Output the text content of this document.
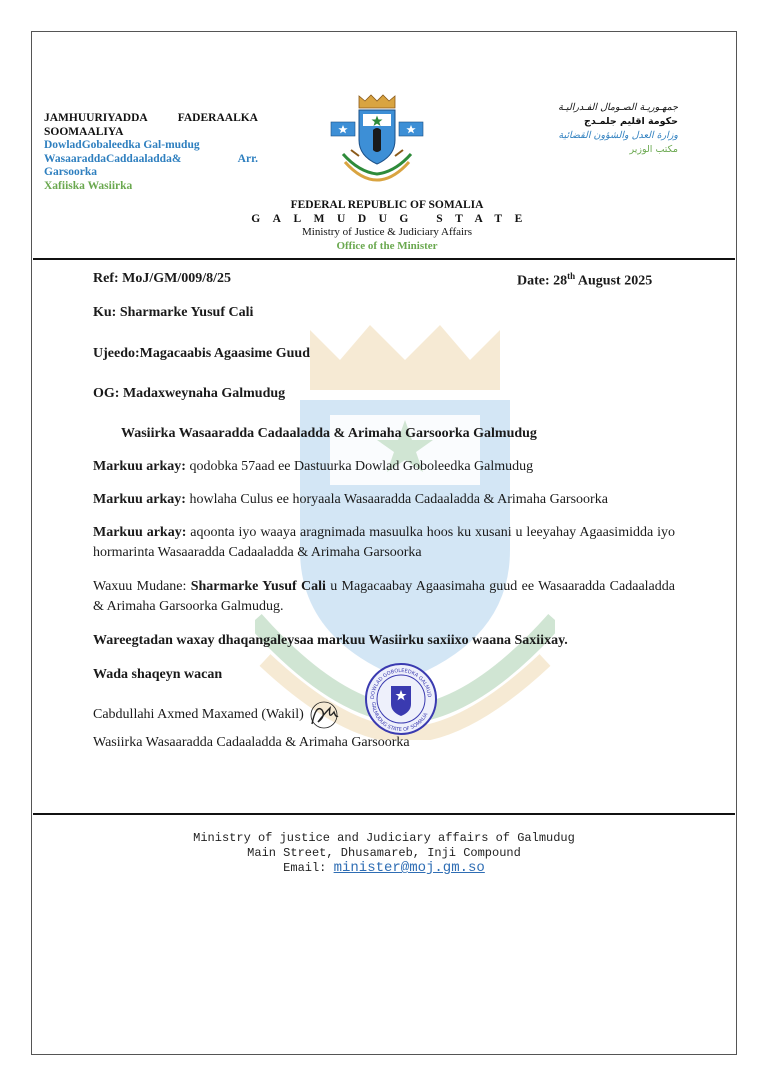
JAMHUURIYADDA	FADERAALKA
SOOMAALIYA
DowladGobaleedka Gal-mudug
WasaaraddaCaddaaladda&	Arr.
Garsoorka
Xafiiska Wasiirka
جمهـوريـة الصـومال الفـدراليـة
حكومة اقليم جلمـدج
وزارة العدل والشؤون القضائية
مكتب الوزير
FEDERAL REPUBLIC OF SOMALIA
GALMUDUG STATE
Ministry of Justice & Judiciary Affairs
Office of the Minister
Ref: MoJ/GM/009/8/25	Date: 28th August 2025
Ku: Sharmarke Yusuf Cali
Ujeedo:Magacaabis Agaasime Guud
OG: Madaxweynaha Galmudug
Wasiirka Wasaaradda Cadaaladda & Arimaha Garsoorka Galmudug
Markuu arkay: qodobka 57aad ee Dastuurka Dowlad Goboleedka Galmudug
Markuu arkay: howlaha Culus ee horyaala Wasaaradda Cadaaladda & Arimaha Garsoorka
Markuu arkay: aqoonta iyo waaya aragnimada masuulka hoos ku xusani u leeyahay Agaasimidda iyo hormarinta Wasaaradda Cadaaladda & Arimaha Garsoorka
Waxuu Mudane: Sharmarke Yusuf Cali u Magacaabay Agaasimaha guud ee Wasaaradda Cadaaladda & Arimaha Garsoorka Galmudug.
Wareegtadan waxay dhaqangaleysaa markuu Wasiirku saxiixo waana Saxiixay.
Wada shaqeyn wacan
Cabdullahi Axmed Maxamed (Wakil)
DOWLAD GOBOLEEDKA GALMUD
GALMUDUG STATE OF SOMALIA
Wasiirka Wasaaradda Cadaaladda & Arimaha Garsoorka
Ministry of justice and Judiciary affairs of Galmudug
Main Street, Dhusamareb, Inji Compound
Email: minister@moj.gm.so
